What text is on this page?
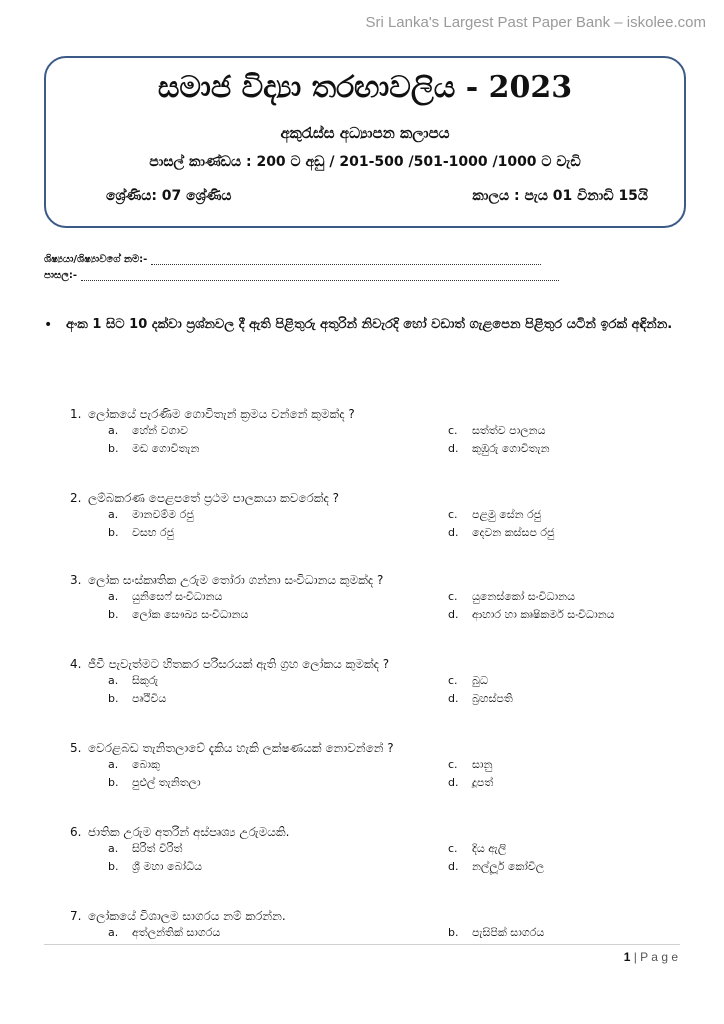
Sri Lanka's Largest Past Paper Bank – iskolee.com
සමාජ විද්‍යා තරඟාවලිය - 2023
අකුරැස්ස අධ්‍යාපන කලාපය
පාසල් කාණ්ඩය : 200 ට අඩු / 201-500 /501-1000 /1000 ට වැඩි
ශ්‍රේණිය: 07 ශ්‍රේණිය	කාලය : පැය 01 විනාඩි 15යි
ශිෂ්‍යයා/ශිෂ්‍යාවගේ නම:-
පාසල:-
•	අංක 1 සිට 10 දක්වා ප්‍රශ්නවල දී ඇති පිළිතුරු අතුරින් නිවැරදි හෝ වඩාත් ගැළපෙන පිළිතුර යටින් ඉරක් අඳින්න.
1. ලෝකයේ පැරණිම ගොවිතැන් ක්‍රමය වන්නේ කුමක්ද ?
a.	හේන් වගාව	c.	සත්ත්ව පාලනය
b.	මඩ ගොවිතැන	d.	කුඹුරු ගොවිතැන
2. ලම්බකරණ පෙළපතේ ප්‍රථම පාලකයා කවරෙක්ද ?
a.	මානවම්ම රජු	c.	පළමු සේන රජු
b.	වසභ රජු	d.	දෙවන කස්සප රජු
3. ලෝක සංස්කෘතික උරුම තෝරා ගන්නා සංවිධානය කුමක්ද ?
a.	යුනිසෙෆ් සංවිධානය	c.	යුනෙස්කෝ සංවිධානය
b.	ලෝක සෞඛ්‍ය සංවිධානය	d.	ආහාර හා කෘෂිකර්ම සංවිධානය
4. ජීවී පැවැත්මට හිතකර පරිසරයක් ඇති ග්‍රහ ලෝකය කුමක්ද ?
a.	සිකුරු	c.	බුධ
b.	පෘථිවිය	d.	බ්‍රහස්පති
5. වෙරළබඩ තැනිතලාවේ දැකිය හැකි ලක්ෂණයක් නොවන්නේ ?
a.	බොකු	c.	සානු
b.	පුළුල් තැනිතලා	d.	දූපත්
6. ජාතික උරුම අතරින් අස්පෘශ්‍ය උරුමයකි.
a.	සිරිත් විරිත්	c.	දිය ඇලි
b.	ශ්‍රී මහා බෝධිය	d.	නල්ලූර් කෝවිල
7. ලෝකයේ විශාලම සාගරය නම් කරන්න.
a.	අත්ලන්තික් සාගරය	b.	පැසිපික් සාගරය
1 | P a g e
